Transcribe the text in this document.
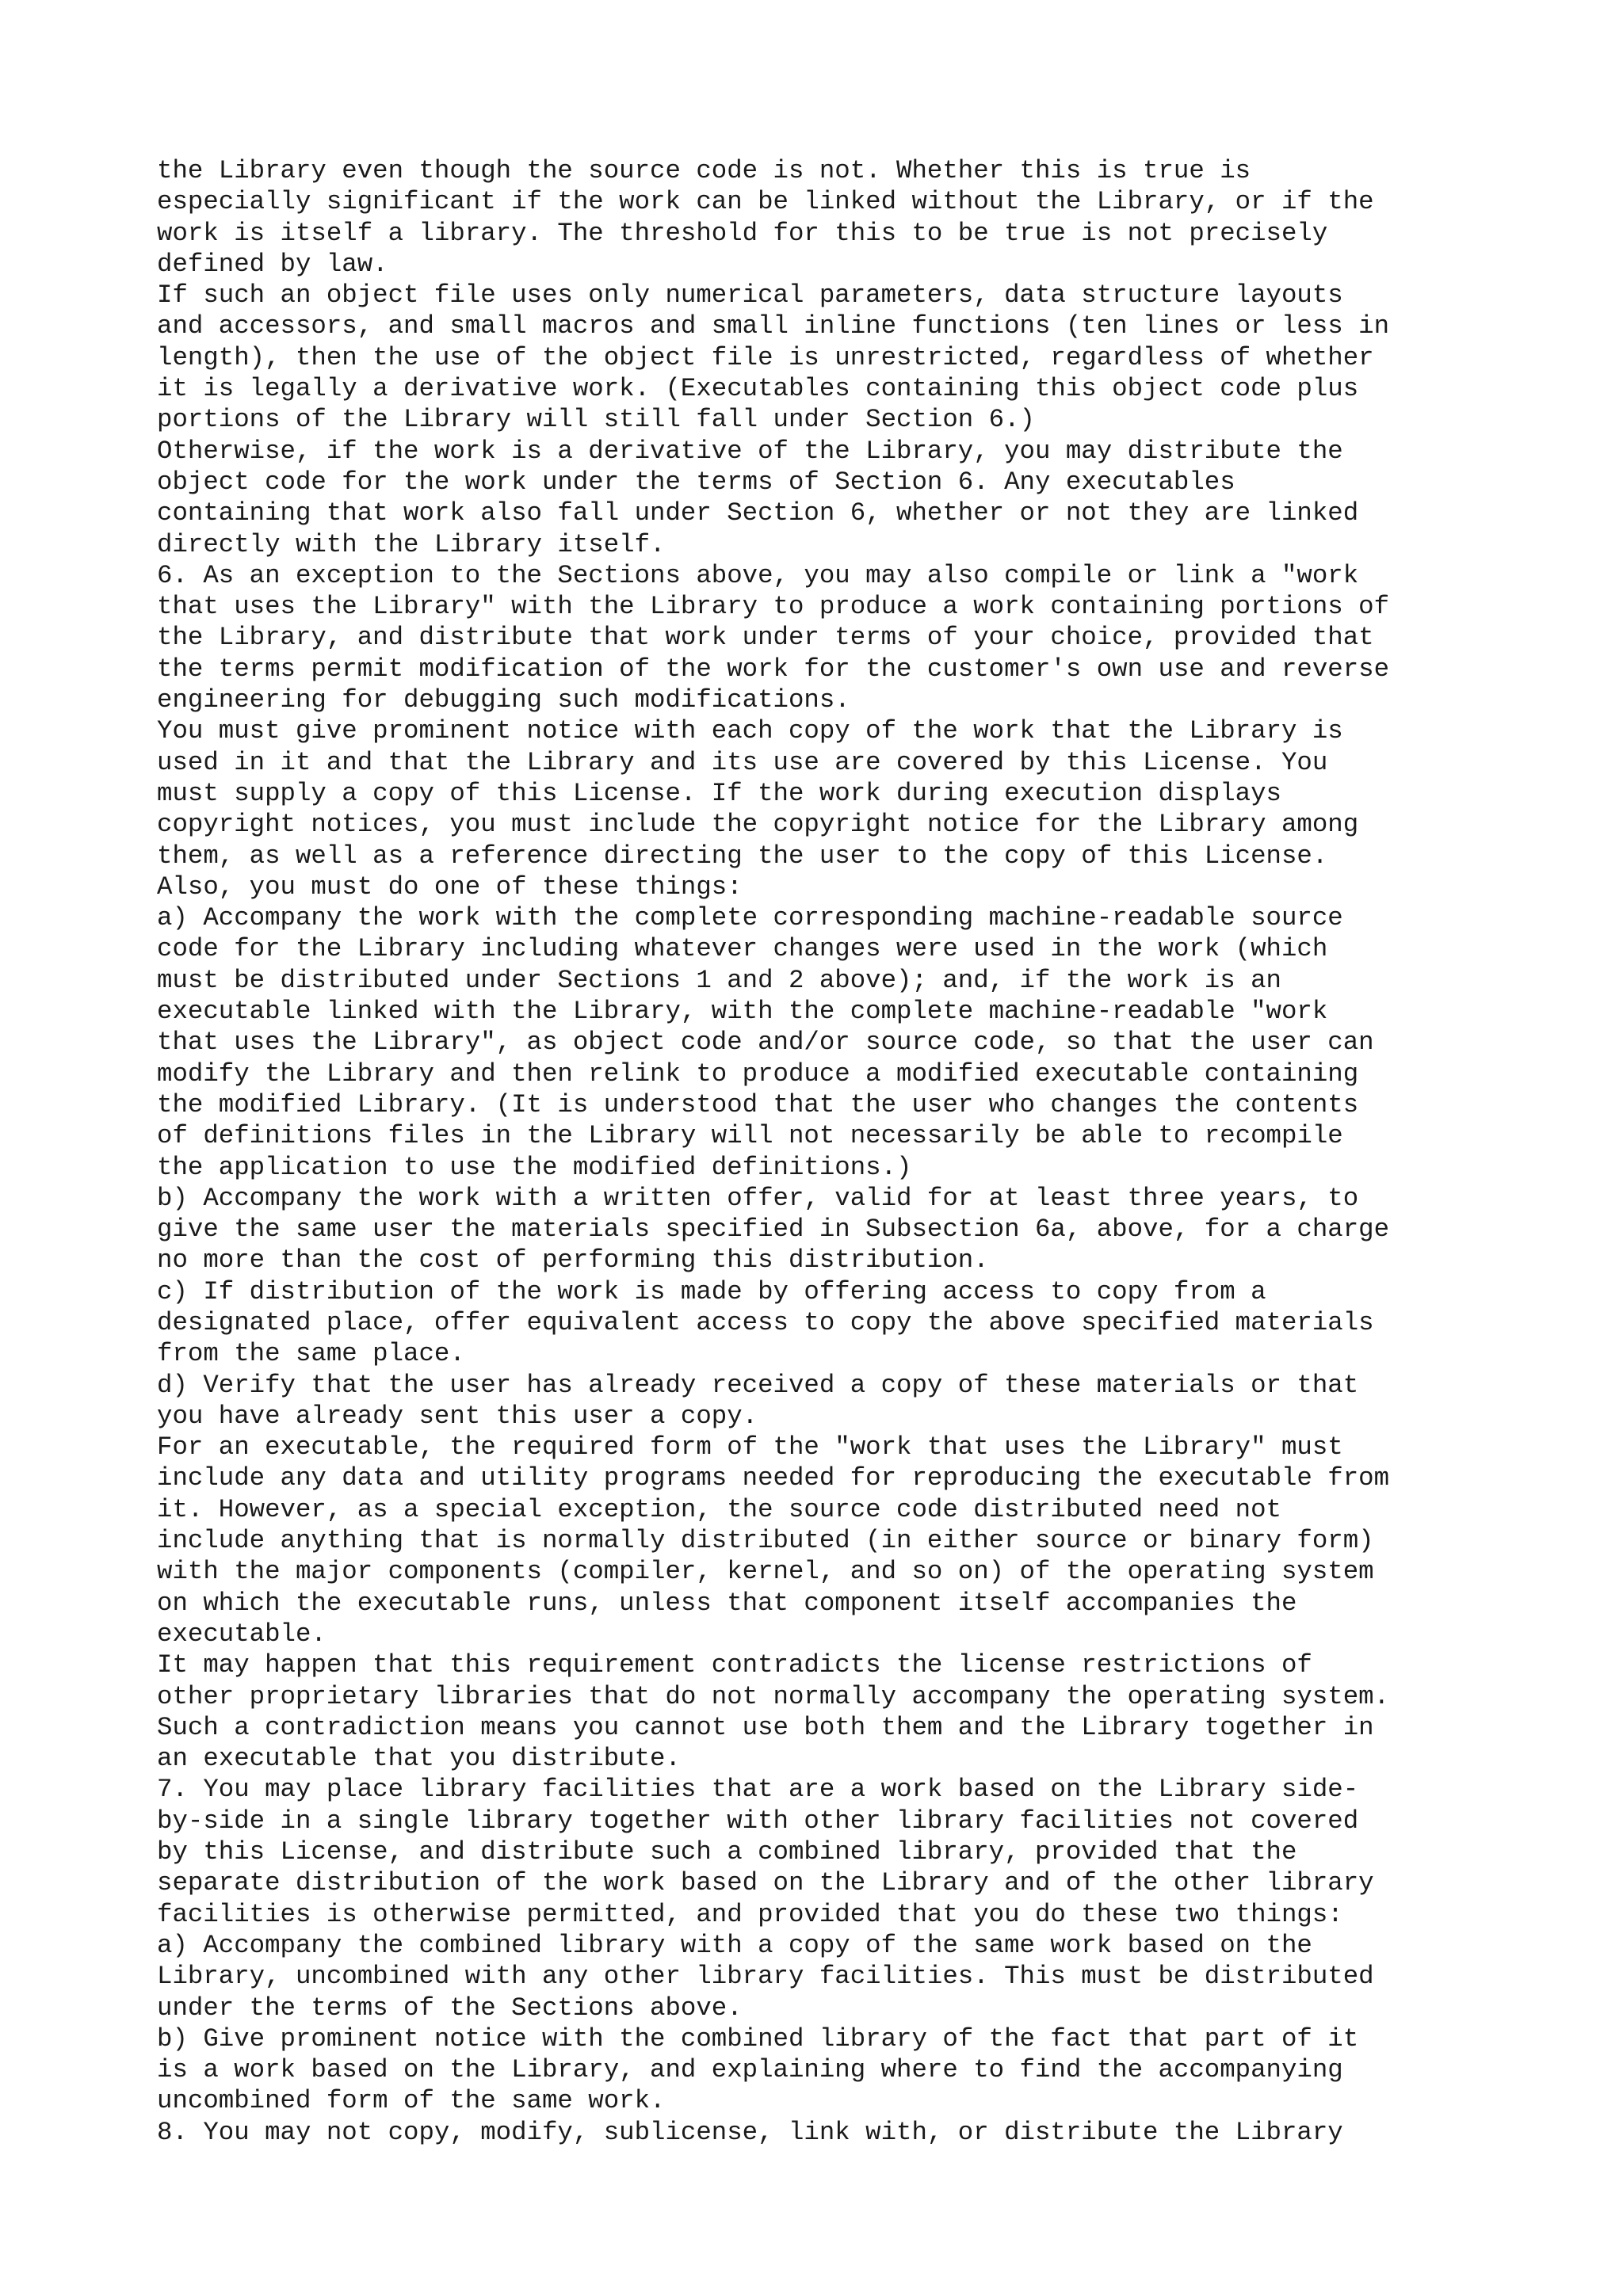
the Library even though the source code is not. Whether this is true is
especially significant if the work can be linked without the Library, or if the
work is itself a library. The threshold for this to be true is not precisely
defined by law.
If such an object file uses only numerical parameters, data structure layouts
and accessors, and small macros and small inline functions (ten lines or less in
length), then the use of the object file is unrestricted, regardless of whether
it is legally a derivative work. (Executables containing this object code plus
portions of the Library will still fall under Section 6.)
Otherwise, if the work is a derivative of the Library, you may distribute the
object code for the work under the terms of Section 6. Any executables
containing that work also fall under Section 6, whether or not they are linked
directly with the Library itself.
6. As an exception to the Sections above, you may also compile or link a "work
that uses the Library" with the Library to produce a work containing portions of
the Library, and distribute that work under terms of your choice, provided that
the terms permit modification of the work for the customer's own use and reverse
engineering for debugging such modifications.
You must give prominent notice with each copy of the work that the Library is
used in it and that the Library and its use are covered by this License. You
must supply a copy of this License. If the work during execution displays
copyright notices, you must include the copyright notice for the Library among
them, as well as a reference directing the user to the copy of this License.
Also, you must do one of these things:
a) Accompany the work with the complete corresponding machine-readable source
code for the Library including whatever changes were used in the work (which
must be distributed under Sections 1 and 2 above); and, if the work is an
executable linked with the Library, with the complete machine-readable "work
that uses the Library", as object code and/or source code, so that the user can
modify the Library and then relink to produce a modified executable containing
the modified Library. (It is understood that the user who changes the contents
of definitions files in the Library will not necessarily be able to recompile
the application to use the modified definitions.)
b) Accompany the work with a written offer, valid for at least three years, to
give the same user the materials specified in Subsection 6a, above, for a charge
no more than the cost of performing this distribution.
c) If distribution of the work is made by offering access to copy from a
designated place, offer equivalent access to copy the above specified materials
from the same place.
d) Verify that the user has already received a copy of these materials or that
you have already sent this user a copy.
For an executable, the required form of the "work that uses the Library" must
include any data and utility programs needed for reproducing the executable from
it. However, as a special exception, the source code distributed need not
include anything that is normally distributed (in either source or binary form)
with the major components (compiler, kernel, and so on) of the operating system
on which the executable runs, unless that component itself accompanies the
executable.
It may happen that this requirement contradicts the license restrictions of
other proprietary libraries that do not normally accompany the operating system.
Such a contradiction means you cannot use both them and the Library together in
an executable that you distribute.
7. You may place library facilities that are a work based on the Library side-
by-side in a single library together with other library facilities not covered
by this License, and distribute such a combined library, provided that the
separate distribution of the work based on the Library and of the other library
facilities is otherwise permitted, and provided that you do these two things:
a) Accompany the combined library with a copy of the same work based on the
Library, uncombined with any other library facilities. This must be distributed
under the terms of the Sections above.
b) Give prominent notice with the combined library of the fact that part of it
is a work based on the Library, and explaining where to find the accompanying
uncombined form of the same work.
8. You may not copy, modify, sublicense, link with, or distribute the Library
